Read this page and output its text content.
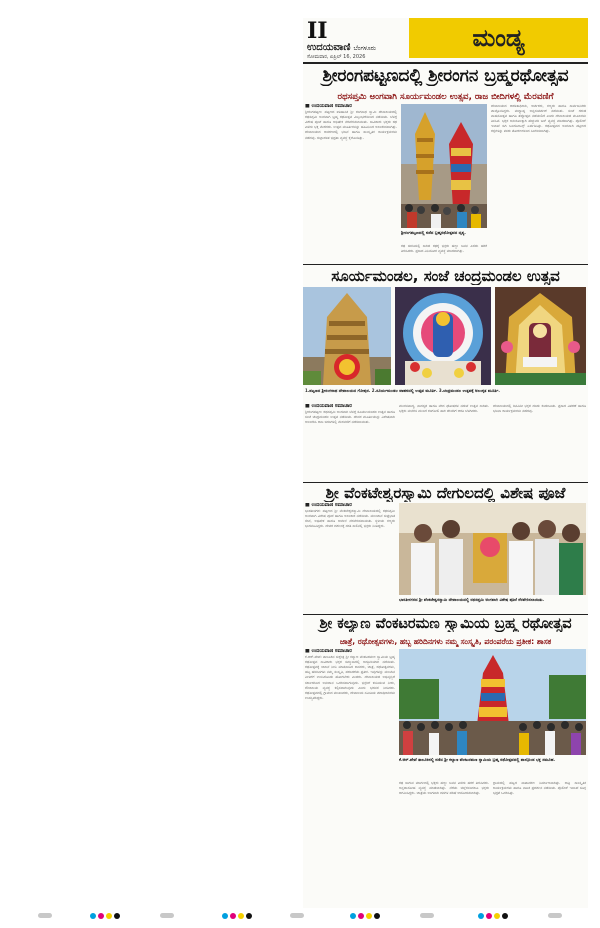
II
ಉದಯವಾಣಿ ಬೆಂಗಳೂರು
ಸೋಮವಾರ, ಏಪ್ರಿಲ್ 16, 2026
ಮಂಡ್ಯ
ಶ್ರೀರಂಗಪಟ್ಟಣದಲ್ಲಿ ಶ್ರೀರಂಗನ ಬ್ರಹ್ಮರಥೋತ್ಸವ
ರಥಸಪ್ತಮಿ ಅಂಗವಾಗಿ ಸೂರ್ಯಮಂಡಲ ಉತ್ಸವ, ರಾಜ ಬೀದಿಗಳಲ್ಲಿ ಮೆರವಣಿಗೆ
■ ಉದಯವಾಣಿ ಸಮಾಚಾರ

ಶ್ರೀರಂಗಪಟ್ಟಣ: ಪಟ್ಟಣದ ಐತಿಹಾಸಿಕ ಶ್ರೀ ರಂಗನಾಥ ಸ್ವಾಮಿ ದೇವಾಲಯದಲ್ಲಿ ರಥಸಪ್ತಮಿ ಅಂಗವಾಗಿ ಬ್ರಹ್ಮ ರಥೋತ್ಸವ ವಿಜೃಂಭಣೆಯಿಂದ ನಡೆಯಿತು. ಬೆಳಗ್ಗೆ ವಿಶೇಷ ಪೂಜೆ ಹಾಗೂ ಅಭಿಷೇಕ ನೆರವೇರಿಸಲಾಯಿತು. ಸಾವಿರಾರು ಭಕ್ತರು ರಥ ಎಳೆದು ಭಕ್ತಿ ಮೆರೆದರು. ಉತ್ಸವ ಮೂರ್ತಿಗಳನ್ನು ಹೂವಿನಿಂದ ಅಲಂಕರಿಸಲಾಗಿತ್ತು. ದೇವಾಲಯದ ಆವರಣದಲ್ಲಿ ಭಜನೆ ಹಾಗೂ ಸಾಂಸ್ಕೃತಿಕ ಕಾರ್ಯಕ್ರಮಗಳು ನಡೆದವು. ಜಿಲ್ಲಾಡಳಿತ ಭದ್ರತಾ ವ್ಯವಸ್ಥೆ ಕೈಗೊಂಡಿತ್ತು.

ಶ್ರೀರಂಗಪಟ್ಟಣದಲ್ಲಿ ನಡೆದ ಬ್ರಹ್ಮರಥೋತ್ಸವದ ದೃಶ್ಯ.

ರಥ ಬೀದಿಯಲ್ಲಿ ಸಾಗಿದ ರಥಕ್ಕೆ ಭಕ್ತರು ಹಣ್ಣು ಜವನ ಎಸೆದು ಹರಕೆ ತೀರಿಸಿದರು. ಪ್ರಸಾದ ವಿನಿಯೋಗ ವ್ಯವಸ್ಥೆ ಮಾಡಲಾಗಿತ್ತು.

ದೇವಾಲಯದ ಆಡಳಿತಾಧಿಕಾರಿ, ಅರ್ಚಕರು, ಗಣ್ಯರು ಹಾಗೂ ಸಾರ್ವಜನಿಕರು ಪಾಲ್ಗೊಂಡಿದ್ದರು. ಮಧ್ಯಾಹ್ನ ಅನ್ನಸಂತರ್ಪಣೆ ನಡೆಯಿತು. ಸಂಜೆ ಗರುಡ ವಾಹನೋತ್ಸವ ಹಾಗೂ ತೆಪ್ಪೋತ್ಸವ ನಡೆಯಲಿದೆ ಎಂದು ದೇವಾಲಯದ ಮೂಲಗಳು ತಿಳಿಸಿವೆ. ಭಕ್ತರ ಅನುಕೂಲಕ್ಕಾಗಿ ಹೆಚ್ಚುವರಿ ಬಸ್ ವ್ಯವಸ್ಥೆ ಮಾಡಲಾಗಿತ್ತು. ಪೊಲೀಸ್ ಇಲಾಖೆ ಬಿಗಿ ಬಂದೋಬಸ್ತ್ ಏರ್ಪಡಿಸಿತ್ತು. ರಥೋತ್ಸವದ ಅಂಗವಾಗಿ ಪಟ್ಟಣದ ರಸ್ತೆಗಳನ್ನು ತಳಿರು ತೋರಣಗಳಿಂದ ಸಿಂಗರಿಸಲಾಗಿತ್ತು.

ಸೂರ್ಯಮಂಡಲ, ಸಂಜೆ ಚಂದ್ರಮಂಡಲ ಉತ್ಸವ
1.ಪಟ್ಟಣದ ಶ್ರೀರಂಗನಾಥ ದೇವಾಲಯದ ಗೋಪುರ. 2.ಸೂರ್ಯಮಂಡಲ ವಾಹನದಲ್ಲಿ ಉತ್ಸವ ಮೂರ್ತಿ. 3.ಚಂದ್ರಮಂಡಲ ಉತ್ಸವಕ್ಕೆ ಅಲಂಕೃತ ಮೂರ್ತಿ.
■ ಉದಯವಾಣಿ ಸಮಾಚಾರ

ಶ್ರೀರಂಗಪಟ್ಟಣ: ರಥಸಪ್ತಮಿ ಅಂಗವಾಗಿ ಬೆಳಗ್ಗೆ ಸೂರ್ಯಮಂಡಲ ಉತ್ಸವ ಹಾಗೂ ಸಂಜೆ ಚಂದ್ರಮಂಡಲ ಉತ್ಸವ ನಡೆಯಿತು. ದೇವರ ಮೂರ್ತಿಯನ್ನು ವಿಶೇಷವಾಗಿ ಅಲಂಕರಿಸಿ ರಾಜ ಬೀದಿಗಳಲ್ಲಿ ಮೆರವಣಿಗೆ ನಡೆಸಲಾಯಿತು.

ಮಂಗಳವಾದ್ಯ, ನಾದಸ್ವರ ಹಾಗೂ ವೇದ ಘೋಷಗಳ ನಡುವೆ ಉತ್ಸವ ಸಾಗಿತು. ಭಕ್ತರು ಮನೆಗಳ ಮುಂದೆ ರಂಗೋಲಿ ಹಾಕಿ ದೇವರಿಗೆ ಆರತಿ ಬೆಳಗಿದರು.

ದೇವಾಲಯದಲ್ಲಿ ದಿನವಿಡೀ ಭಕ್ತರ ದಂಡು ಕಂಡುಬಂತು. ಪ್ರಸಾದ ವಿತರಣೆ ಹಾಗೂ ಭಜನಾ ಕಾರ್ಯಕ್ರಮಗಳು ನಡೆದವು.

ಶ್ರೀ ವೆಂಕಟೇಶ್ವರಸ್ವಾಮಿ ದೇಗುಲದಲ್ಲಿ ವಿಶೇಷ ಪೂಜೆ
■ ಉದಯವಾಣಿ ಸಮಾಚಾರ

ಭಾರತೀನಗರ: ಪಟ್ಟಣದ ಶ್ರೀ ವೆಂಕಟೇಶ್ವರಸ್ವಾಮಿ ದೇವಾಲಯದಲ್ಲಿ ರಥಸಪ್ತಮಿ ಅಂಗವಾಗಿ ವಿಶೇಷ ಪೂಜೆ ಹಾಗೂ ಅಲಂಕಾರ ನಡೆಯಿತು. ಮುಂಜಾನೆ ಸುಪ್ರಭಾತ ಸೇವೆ, ಅಭಿಷೇಕ ಹಾಗೂ ಅರ್ಚನೆ ನೆರವೇರಿಸಲಾಯಿತು. ಸ್ಥಳೀಯ ಗಣ್ಯರು ಭಾಗವಹಿಸಿದ್ದರು. ದೇವರ ದರ್ಶನಕ್ಕೆ ಸರತಿ ಸಾಲಿನಲ್ಲಿ ಭಕ್ತರು ನಿಂತಿದ್ದರು.

ಭಾರತೀನಗರದ ಶ್ರೀ ವೆಂಕಟೇಶ್ವರಸ್ವಾಮಿ ದೇವಾಲಯದಲ್ಲಿ ರಥಸಪ್ತಮಿ ಅಂಗವಾಗಿ ವಿಶೇಷ ಪೂಜೆ ನೆರವೇರಿಸಲಾಯಿತು.
ಶ್ರೀ ಕಲ್ಯಾಣ ವೆಂಕಟರಮಣ ಸ್ವಾಮಿಯ ಬ್ರಹ್ಮ ರಥೋತ್ಸವ
ಜಾತ್ರೆ, ರಥೋತ್ಸವಗಳು, ಹಬ್ಬ ಹರಿದಿನಗಳು ನಮ್ಮ ಸಂಸ್ಕೃತಿ, ಪರಂಪರೆಯ ಪ್ರತೀಕ: ಶಾಸಕ
■ ಉದಯವಾಣಿ ಸಮಾಚಾರ

ಕೆ.ಆರ್.ಪೇಟೆ: ತಾಲೂಕಿನ ಸುಕ್ಷೇತ್ರ ಶ್ರೀ ಕಲ್ಯಾಣ ವೆಂಕಟರಮಣ ಸ್ವಾಮಿಯ ಬ್ರಹ್ಮ ರಥೋತ್ಸವ ಸಾವಿರಾರು ಭಕ್ತರ ಸಮ್ಮುಖದಲ್ಲಿ ಅದ್ಧೂರಿಯಾಗಿ ನಡೆಯಿತು. ರಥೋತ್ಸವಕ್ಕೆ ಚಾಲನೆ ನೀಡಿ ಮಾತನಾಡಿದ ಶಾಸಕರು, ಜಾತ್ರೆ, ರಥೋತ್ಸವಗಳು, ಹಬ್ಬ ಹರಿದಿನಗಳು ನಮ್ಮ ಸಂಸ್ಕೃತಿ, ಪರಂಪರೆಯ ಪ್ರತೀಕ. ಇವುಗಳನ್ನು ಮುಂದಿನ ಪೀಳಿಗೆಗೆ ಉಳಿಸಿಕೊಂಡು ಹೋಗಬೇಕು ಎಂದರು. ದೇವಾಲಯದ ಅಭಿವೃದ್ಧಿಗೆ ಸರ್ಕಾರದಿಂದ ಅನುದಾನ ಒದಗಿಸಲಾಗುವುದು. ಭಕ್ತರಿಗೆ ಕುಡಿಯುವ ನೀರು, ಶೌಚಾಲಯ ವ್ಯವಸ್ಥೆ ಕಲ್ಪಿಸಲಾಗುವುದು ಎಂದು ಭರವಸೆ ನೀಡಿದರು. ರಥೋತ್ಸವದಲ್ಲಿ ಗ್ರಾಮದ ಮುಖಂಡರು, ದೇವಾಲಯ ಸಮಿತಿಯ ಪದಾಧಿಕಾರಿಗಳು ಉಪಸ್ಥಿತರಿದ್ದರು.

ಕೆ.ಆರ್.ಪೇಟೆ ತಾಲೂಕಿನಲ್ಲಿ ನಡೆದ ಶ್ರೀ ಕಲ್ಯಾಣ ವೆಂಕಟರಮಣ ಸ್ವಾಮಿಯ ಬ್ರಹ್ಮ ರಥೋತ್ಸವದಲ್ಲಿ ಪಾಲ್ಗೊಂಡ ಭಕ್ತ ಸಮೂಹ.

ರಥ ಸಾಗುವ ಮಾರ್ಗದಲ್ಲಿ ಭಕ್ತರು ಹಣ್ಣು ಜವನ ಎಸೆದು ಹರಕೆ ತೀರಿಸಿದರು. ಅನ್ನದಾಸೋಹ ವ್ಯವಸ್ಥೆ ಮಾಡಲಾಗಿತ್ತು. ನೆರೆಯ ಜಿಲ್ಲೆಗಳಿಂದಲೂ ಭಕ್ತರು ಆಗಮಿಸಿದ್ದರು. ಜಾತ್ರೆಯ ಅಂಗವಾಗಿ ದನಗಳ ಪರಿಷೆ ಆಯೋಜಿಸಲಾಗಿತ್ತು.

ಗ್ರಾಮದಲ್ಲಿ ಹಬ್ಬದ ವಾತಾವರಣ ನಿರ್ಮಾಣವಾಗಿತ್ತು. ರಾತ್ರಿ ಸಾಂಸ್ಕೃತಿಕ ಕಾರ್ಯಕ್ರಮಗಳು ಹಾಗೂ ನಾಟಕ ಪ್ರದರ್ಶನ ನಡೆಯಿತು. ಪೊಲೀಸ್ ಇಲಾಖೆ ಸೂಕ್ತ ಭದ್ರತೆ ಒದಗಿಸಿತ್ತು.
